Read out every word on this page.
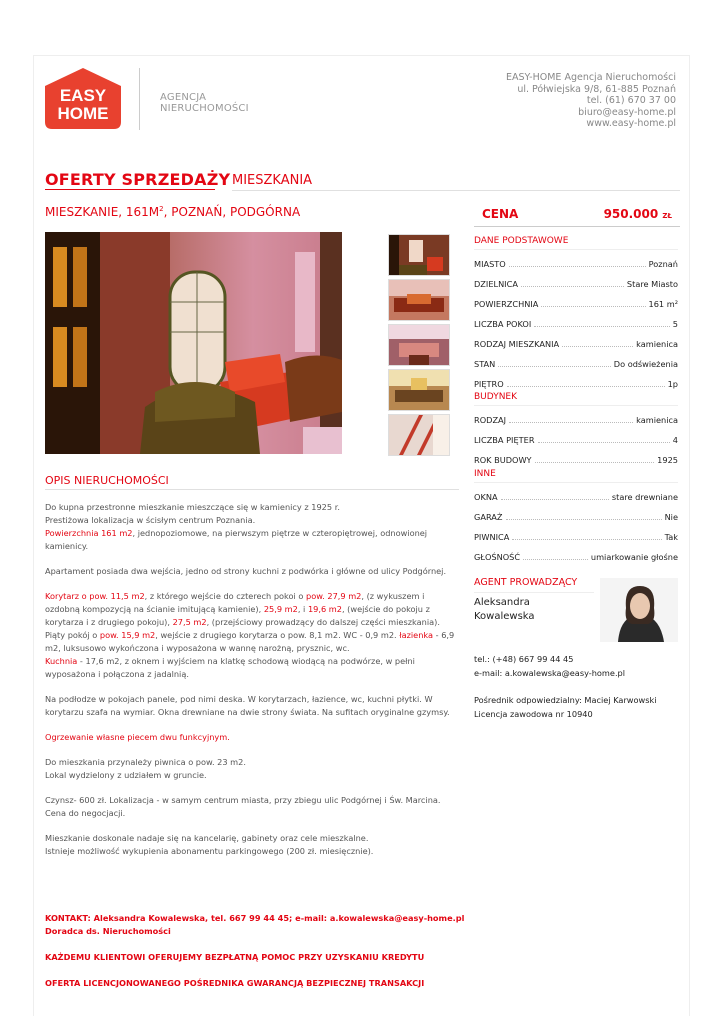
EASY
HOME
AGENCJA
NIERUCHOMOŚCI
EASY-HOME Agencja Nieruchomości
ul. Półwiejska 9/8, 61-885 Poznań
tel. (61) 670 37 00
biuro@easy-home.pl
www.easy-home.pl
OFERTY SPRZEDAŻY MIESZKANIA
MIESZKANIE, $161M^2$, POZNAŃ, PODGÓRNA
OPIS NIERUCHOMOŚCI

Do kupna przestronne mieszkanie mieszczące się w kamienicy z 1925 r.
Prestiżowa lokalizacja w ścisłym centrum Poznania.
Powierzchnia 161 m2, jednopoziomowe, na pierwszym piętrze w czteropiętrowej, odnowionej kamienicy.

Apartament posiada dwa wejścia, jedno od strony kuchni z podwórka i główne od ulicy Podgórnej.

Korytarz o pow. 11,5 m2, z którego wejście do czterech pokoi o pow. 27,9 m2, (z wykuszem i ozdobną kompozycją na ścianie imitującą kamienie), 25,9 m2, i 19,6 m2, (wejście do pokoju z korytarza i z drugiego pokoju), 27,5 m2, (przejściowy prowadzący do dalszej części mieszkania). Piąty pokój o pow. 15,9 m2, wejście z drugiego korytarza o pow. 8,1 m2. WC - 0,9 m2. łazienka - 6,9 m2, luksusowo wykończona i wyposażona w wannę narożną, prysznic, wc.
Kuchnia - 17,6 m2, z oknem i wyjściem na klatkę schodową wiodącą na podwórze, w pełni wyposażona i połączona z jadalnią.

Na podłodze w pokojach panele, pod nimi deska. W korytarzach, łazience, wc, kuchni płytki. W korytarzu szafa na wymiar. Okna drewniane na dwie strony świata. Na sufitach oryginalne gzymsy.

Ogrzewanie własne piecem dwu funkcyjnym.

Do mieszkania przynależy piwnica o pow. 23 m2.
Lokal wydzielony z udziałem w gruncie.

Czynsz- 600 zł. Lokalizacja - w samym centrum miasta, przy zbiegu ulic Podgórnej i Św. Marcina. Cena do negocjacji.

Mieszkanie doskonale nadaje się na kancelarię, gabinety oraz cele mieszkalne.
Istnieje możliwość wykupienia abonamentu parkingowego (200 zł. miesięcznie).

KONTAKT: Aleksandra Kowalewska, tel. 667 99 44 45; e-mail: a.kowalewska@easy-home.pl
Doradca ds. Nieruchomości

KAŻDEMU KLIENTOWI OFERUJEMY BEZPŁATNĄ POMOC PRZY UZYSKANIU KREDYTU

OFERTA LICENCJONOWANEGO POŚREDNIKA GWARANCJĄ BEZPIECZNEJ TRANSAKCJI

CENA	950.000 ZŁ
DANE PODSTAWOWE
MIASTO	Poznań
DZIELNICA	Stare Miasto
POWIERZCHNIA	161 m²
LICZBA POKOI	5
RODZAJ MIESZKANIA	kamienica
STAN	Do odświeżenia
PIĘTRO	1p
BUDYNEK
RODZAJ	kamienica
LICZBA PIĘTER	4
ROK BUDOWY	1925
INNE
OKNA	stare drewniane
GARAŻ	Nie
PIWNICA	Tak
GŁOŚNOŚĆ	umiarkowanie głośne
AGENT PROWADZĄCY
Aleksandra
Kowalewska

tel.: (+48) 667 99 44 45

e-mail: a.kowalewska@easy-home.pl

Pośrednik odpowiedzialny: Maciej Karwowski

Licencja zawodowa nr 10940
